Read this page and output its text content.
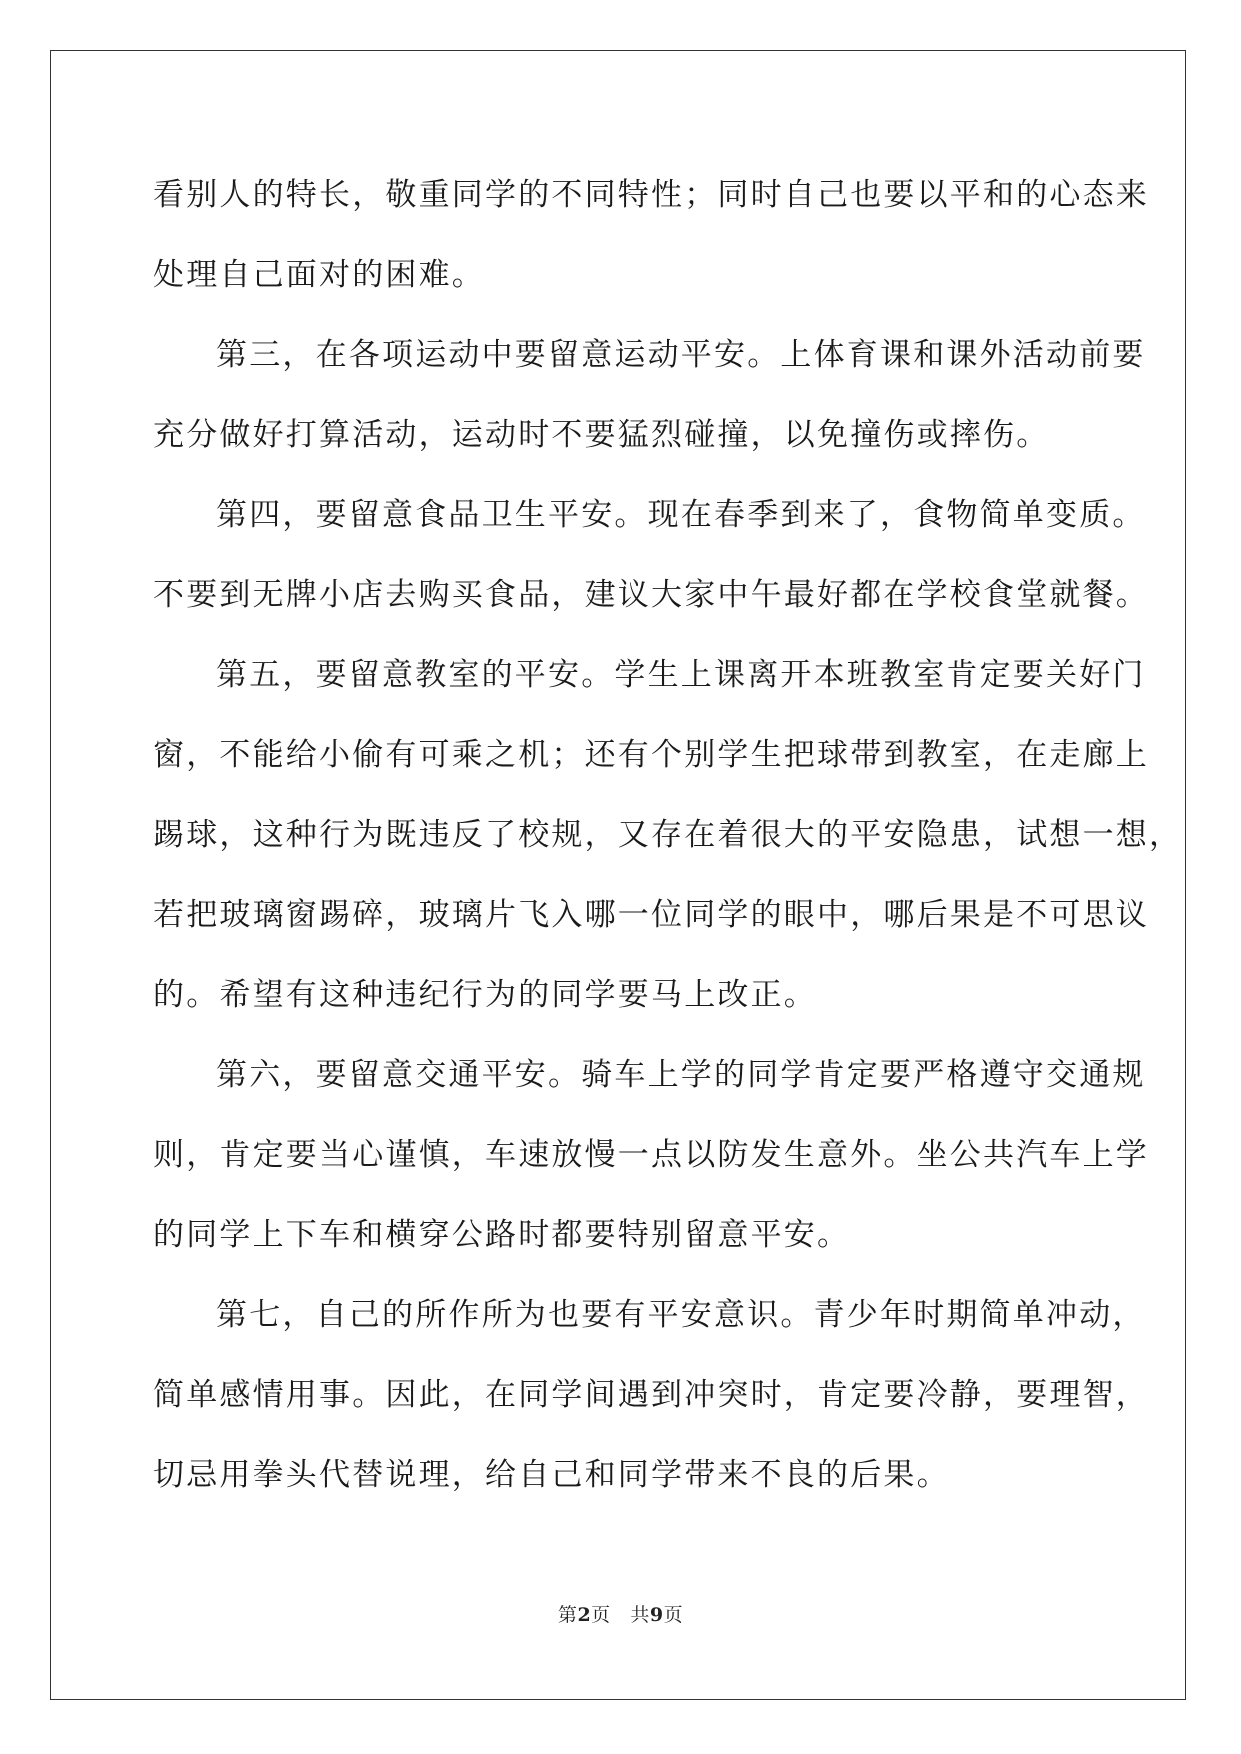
看别人的特长，敬重同学的不同特性；同时自己也要以平和的心态来
处理自己面对的困难。
第三，在各项运动中要留意运动平安。上体育课和课外活动前要
充分做好打算活动，运动时不要猛烈碰撞，以免撞伤或摔伤。
第四，要留意食品卫生平安。现在春季到来了，食物简单变质。
不要到无牌小店去购买食品，建议大家中午最好都在学校食堂就餐。
第五，要留意教室的平安。学生上课离开本班教室肯定要关好门
窗，不能给小偷有可乘之机；还有个别学生把球带到教室，在走廊上
踢球，这种行为既违反了校规，又存在着很大的平安隐患，试想一想，
若把玻璃窗踢碎，玻璃片飞入哪一位同学的眼中，哪后果是不可思议
的。希望有这种违纪行为的同学要马上改正。
第六，要留意交通平安。骑车上学的同学肯定要严格遵守交通规
则，肯定要当心谨慎，车速放慢一点以防发生意外。坐公共汽车上学
的同学上下车和横穿公路时都要特别留意平安。
第七，自己的所作所为也要有平安意识。青少年时期简单冲动，
简单感情用事。因此，在同学间遇到冲突时，肯定要冷静，要理智，
切忌用拳头代替说理，给自己和同学带来不良的后果。
第2页 共9页
